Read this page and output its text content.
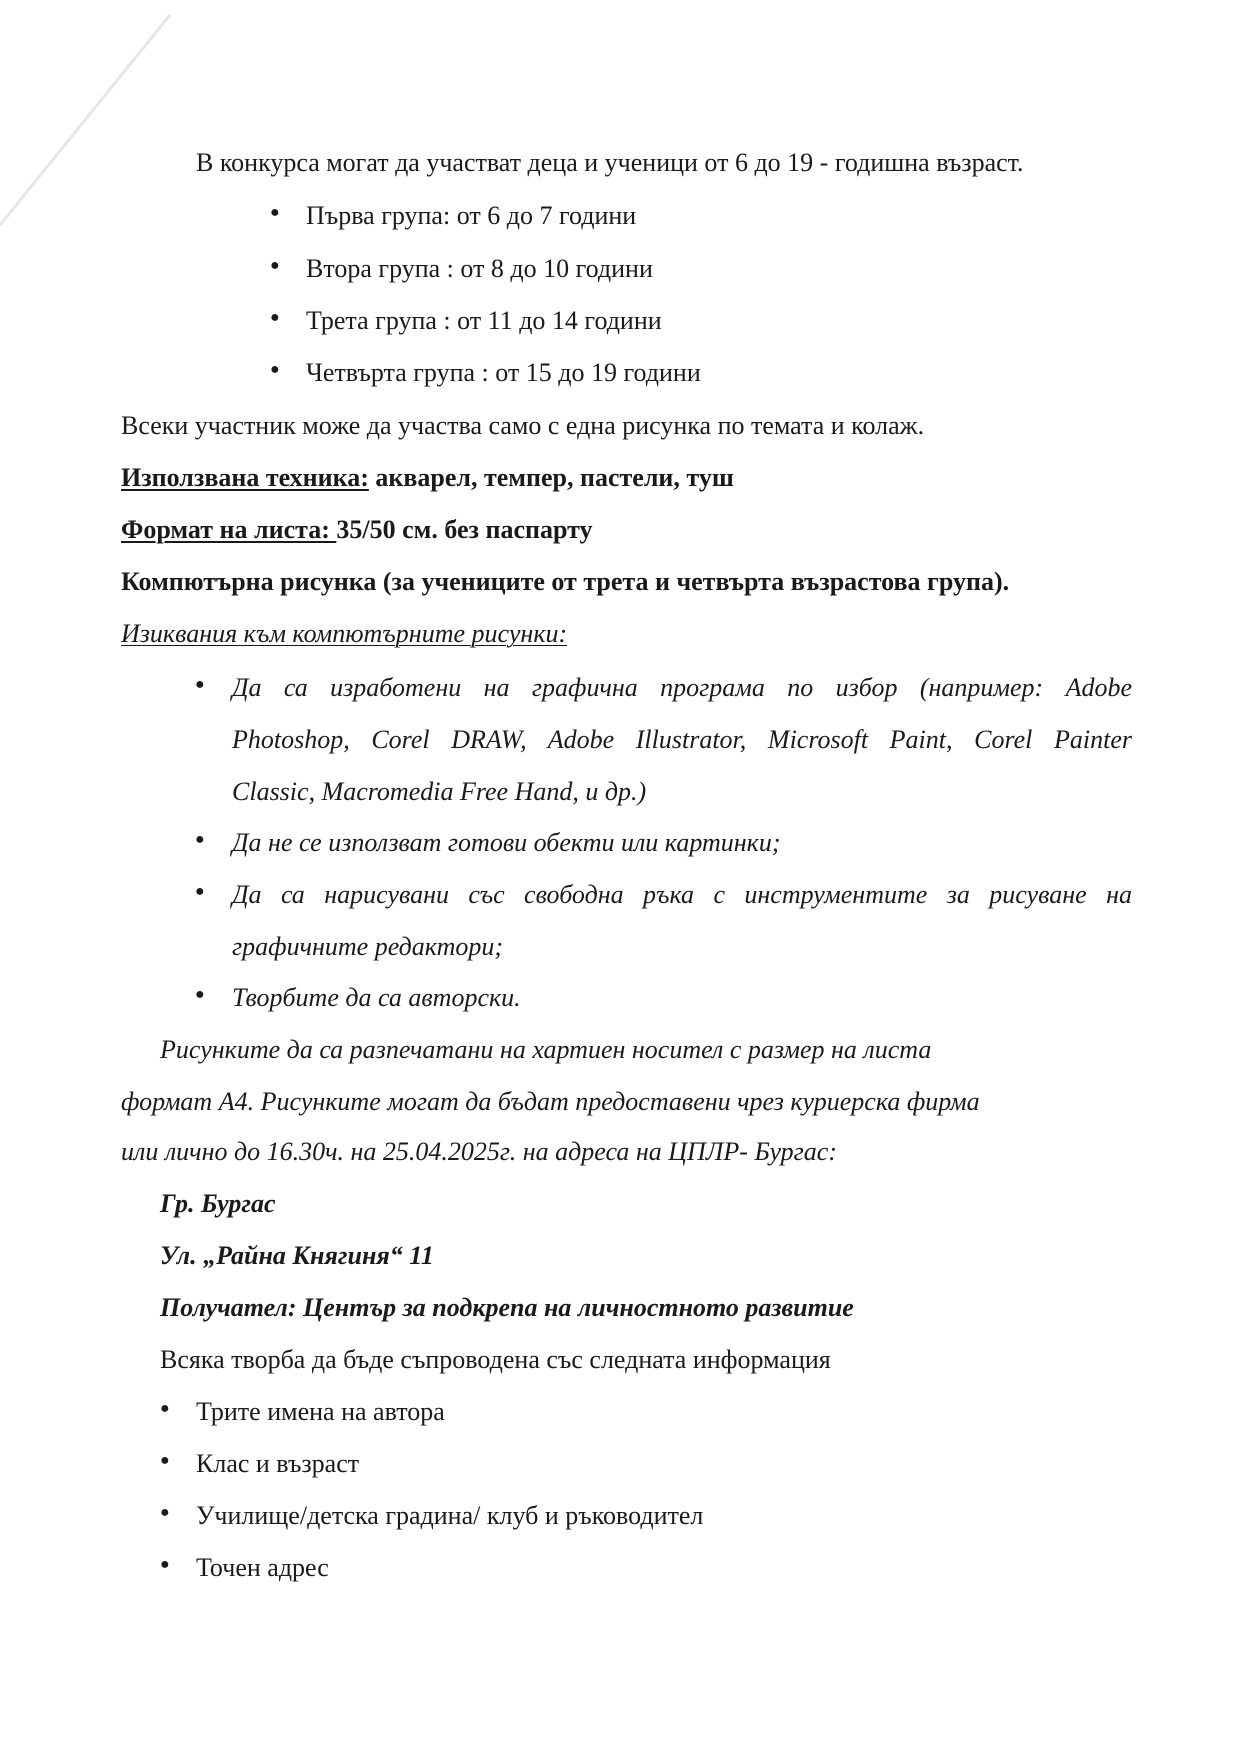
В конкурса могат да участват деца и ученици от 6 до 19 - годишна възраст.
● Първа група: от 6 до 7 години
● Втора група : от 8 до 10 години
● Трета група : от 11 до 14 години
● Четвърта група : от 15 до 19 години
Всеки участник може да участва само с една рисунка по темата и колаж.
Използвана техника: акварел, темпер, пастели, туш
Формат на листа: 35/50 см. без паспарту
Компютърна рисунка (за учениците от трета и четвърта възрастова група).
Изиквания към компютърните рисунки:
● Да са изработени на графична програма по избор (например: Adobe
Photoshop, Corel DRAW, Adobe Illustrator, Microsoft Paint, Corel Painter
Classic, Macromedia Free Hand, и др.)
● Да не се използват готови обекти или картинки;
● Да са нарисувани със свободна ръка с инструментите за рисуване на
графичните редактори;
● Творбите да са авторски.
Рисунките да са разпечатани на хартиен носител с размер на листа
формат А4. Рисунките могат да бъдат предоставени чрез куриерска фирма
или лично до 16.30ч. на 25.04.2025г. на адреса на ЦПЛР- Бургас:
Гр. Бургас
Ул. „Райна Княгиня“ 11
Получател: Център за подкрепа на личностното развитие
Всяка творба да бъде съпроводена със следната информация
● Трите имена на автора
● Клас и възраст
● Училище/детска градина/ клуб и ръководител
● Точен адрес
